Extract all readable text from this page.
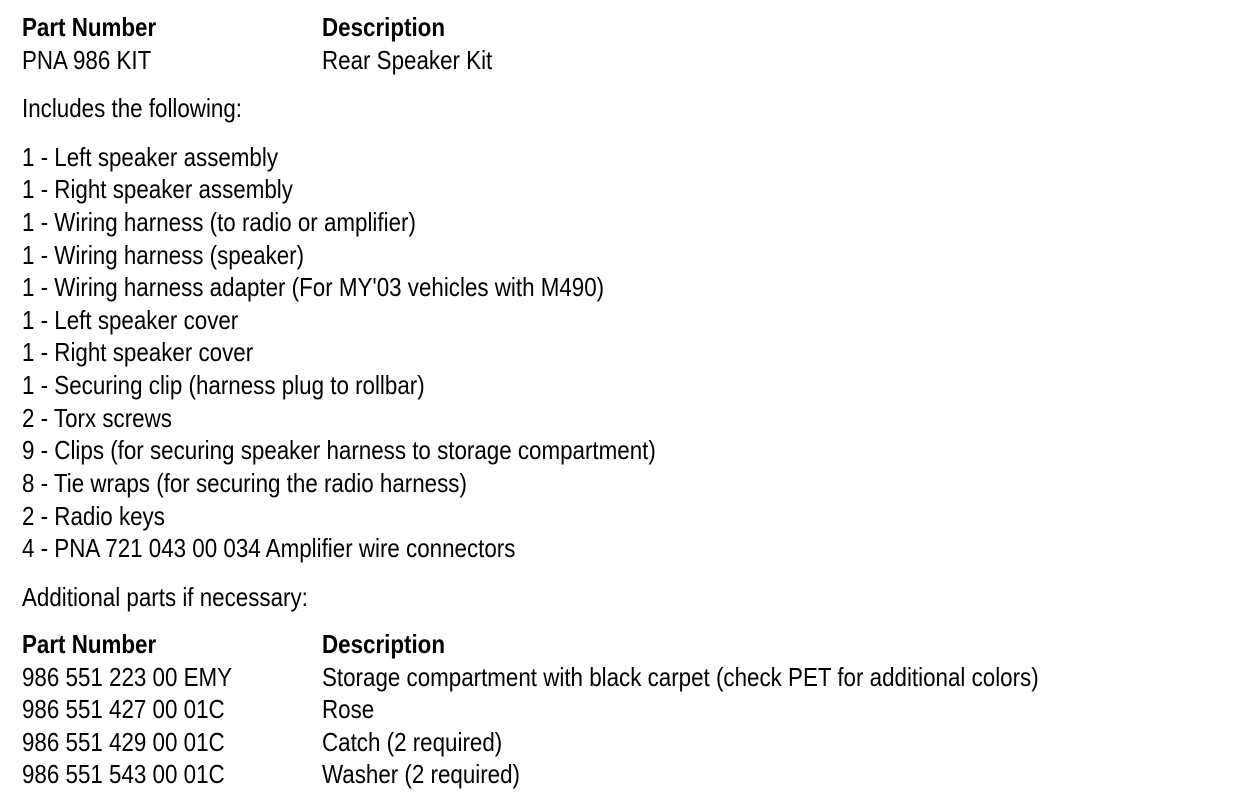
Part Number	Description
PNA 986 KIT	Rear Speaker Kit
Includes the following:
1 - Left speaker assembly
1 - Right speaker assembly
1 - Wiring harness (to radio or amplifier)
1 - Wiring harness (speaker)
1 - Wiring harness adapter (For MY'03 vehicles with M490)
1 - Left speaker cover
1 - Right speaker cover
1 - Securing clip (harness plug to rollbar)
2 - Torx screws
9 - Clips (for securing speaker harness to storage compartment)
8 - Tie wraps (for securing the radio harness)
2 - Radio keys
4 - PNA 721 043 00 034 Amplifier wire connectors
Additional parts if necessary:
Part Number	Description
986 551 223 00 EMY	Storage compartment with black carpet (check PET for additional colors)
986 551 427 00 01C	Rose
986 551 429 00 01C	Catch (2 required)
986 551 543 00 01C	Washer (2 required)
